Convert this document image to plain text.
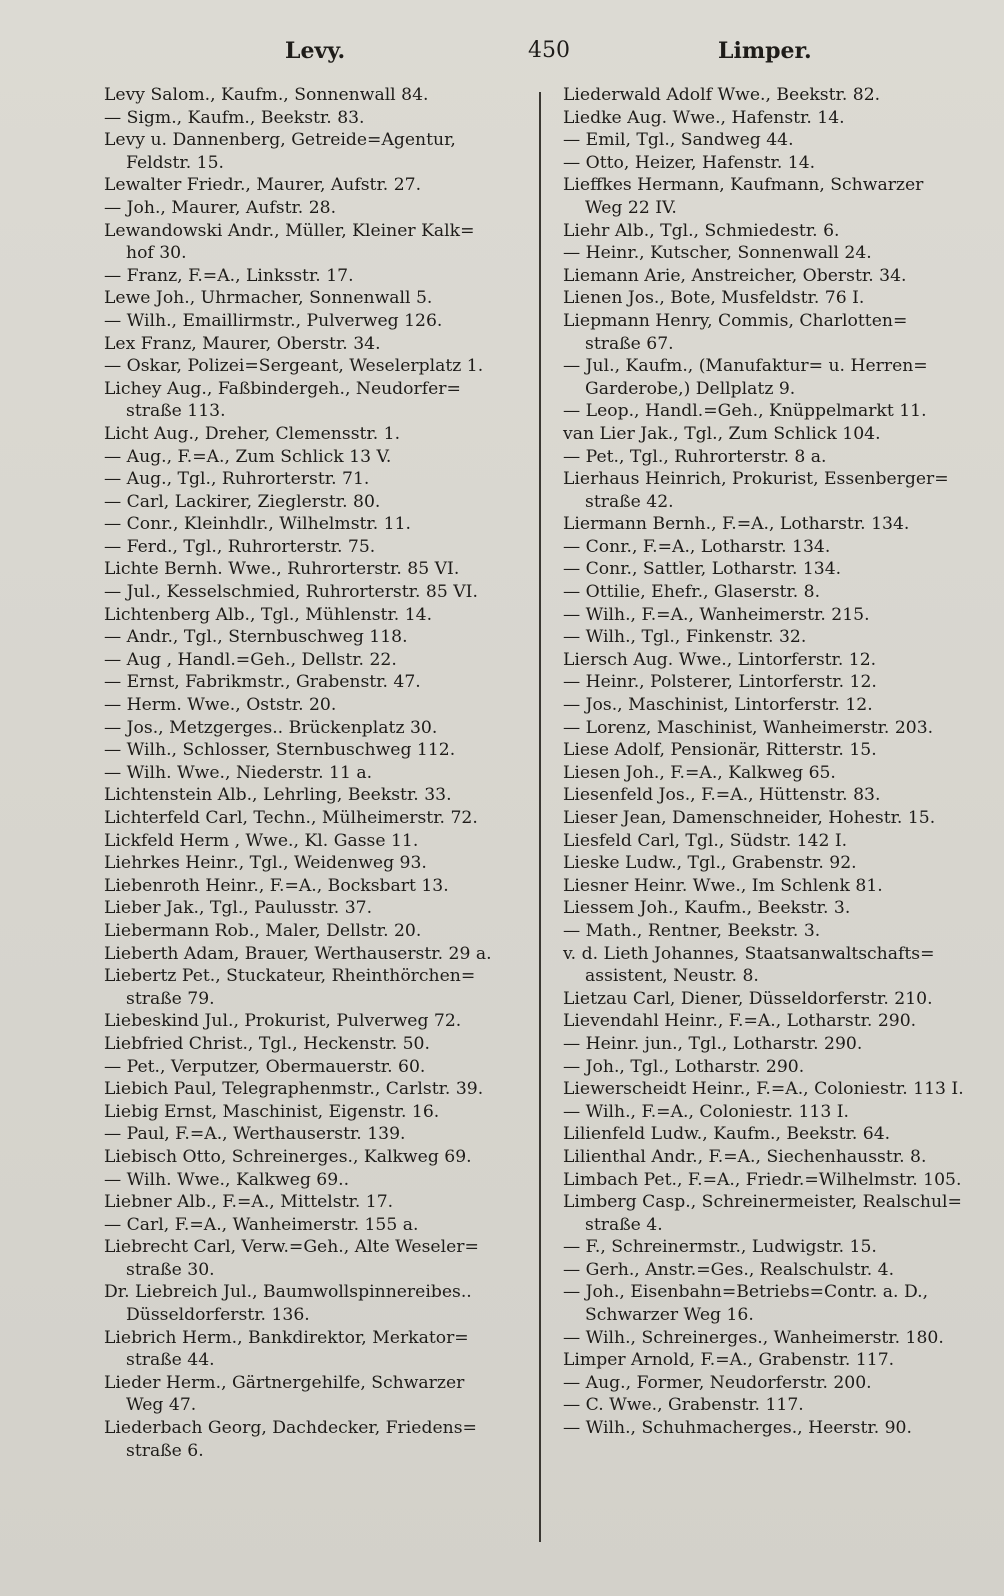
Levy.	450	Limper.

Levy Salom., Kaufm., Sonnenwall 84.

— Sigm., Kaufm., Beekstr. 83.

Levy u. Dannenberg, Getreide=Agentur,

Feldstr. 15.

Lewalter Friedr., Maurer, Aufstr. 27.

— Joh., Maurer, Aufstr. 28.

Lewandowski Andr., Müller, Kleiner Kalk=

hof 30.

— Franz, F.=A., Linksstr. 17.

Lewe Joh., Uhrmacher, Sonnenwall 5.

— Wilh., Emaillirmstr., Pulverweg 126.

Lex Franz, Maurer, Oberstr. 34.

— Oskar, Polizei=Sergeant, Weselerplatz 1.

Lichey Aug., Faßbindergeh., Neudorfer=

straße 113.

Licht Aug., Dreher, Clemensstr. 1.

— Aug., F.=A., Zum Schlick 13 V.

— Aug., Tgl., Ruhrorterstr. 71.

— Carl, Lackirer, Zieglerstr. 80.

— Conr., Kleinhdlr., Wilhelmstr. 11.

— Ferd., Tgl., Ruhrorterstr. 75.

Lichte Bernh. Wwe., Ruhrorterstr. 85 VI.

— Jul., Kesselschmied, Ruhrorterstr. 85 VI.

Lichtenberg Alb., Tgl., Mühlenstr. 14.

— Andr., Tgl., Sternbuschweg 118.

— Aug , Handl.=Geh., Dellstr. 22.

— Ernst, Fabrikmstr., Grabenstr. 47.

— Herm. Wwe., Oststr. 20.

— Jos., Metzgerges.. Brückenplatz 30.

— Wilh., Schlosser, Sternbuschweg 112.

— Wilh. Wwe., Niederstr. 11 a.

Lichtenstein Alb., Lehrling, Beekstr. 33.

Lichterfeld Carl, Techn., Mülheimerstr. 72.

Lickfeld Herm , Wwe., Kl. Gasse 11.

Liehrkes Heinr., Tgl., Weidenweg 93.

Liebenroth Heinr., F.=A., Bocksbart 13.

Lieber Jak., Tgl., Paulusstr. 37.

Liebermann Rob., Maler, Dellstr. 20.

Lieberth Adam, Brauer, Werthauserstr. 29 a.

Liebertz Pet., Stuckateur, Rheinthörchen=

straße 79.

Liebeskind Jul., Prokurist, Pulverweg 72.

Liebfried Christ., Tgl., Heckenstr. 50.

— Pet., Verputzer, Obermauerstr. 60.

Liebich Paul, Telegraphenmstr., Carlstr. 39.

Liebig Ernst, Maschinist, Eigenstr. 16.

— Paul, F.=A., Werthauserstr. 139.

Liebisch Otto, Schreinerges., Kalkweg 69.

— Wilh. Wwe., Kalkweg 69..

Liebner Alb., F.=A., Mittelstr. 17.

— Carl, F.=A., Wanheimerstr. 155 a.

Liebrecht Carl, Verw.=Geh., Alte Weseler=

straße 30.

Dr. Liebreich Jul., Baumwollspinnereibes..

Düsseldorferstr. 136.

Liebrich Herm., Bankdirektor, Merkator=

straße 44.

Lieder Herm., Gärtnergehilfe, Schwarzer

Weg 47.

Liederbach Georg, Dachdecker, Friedens=

straße 6.

Liederwald Adolf Wwe., Beekstr. 82.

Liedke Aug. Wwe., Hafenstr. 14.

— Emil, Tgl., Sandweg 44.

— Otto, Heizer, Hafenstr. 14.

Lieffkes Hermann, Kaufmann, Schwarzer

Weg 22 IV.

Liehr Alb., Tgl., Schmiedestr. 6.

— Heinr., Kutscher, Sonnenwall 24.

Liemann Arie, Anstreicher, Oberstr. 34.

Lienen Jos., Bote, Musfeldstr. 76 I.

Liepmann Henry, Commis, Charlotten=

straße 67.

— Jul., Kaufm., (Manufaktur= u. Herren=

Garderobe,) Dellplatz 9.

— Leop., Handl.=Geh., Knüppelmarkt 11.

van Lier Jak., Tgl., Zum Schlick 104.

— Pet., Tgl., Ruhrorterstr. 8 a.

Lierhaus Heinrich, Prokurist, Essenberger=

straße 42.

Liermann Bernh., F.=A., Lotharstr. 134.

— Conr., F.=A., Lotharstr. 134.

— Conr., Sattler, Lotharstr. 134.

— Ottilie, Ehefr., Glaserstr. 8.

— Wilh., F.=A., Wanheimerstr. 215.

— Wilh., Tgl., Finkenstr. 32.

Liersch Aug. Wwe., Lintorferstr. 12.

— Heinr., Polsterer, Lintorferstr. 12.

— Jos., Maschinist, Lintorferstr. 12.

— Lorenz, Maschinist, Wanheimerstr. 203.

Liese Adolf, Pensionär, Ritterstr. 15.

Liesen Joh., F.=A., Kalkweg 65.

Liesenfeld Jos., F.=A., Hüttenstr. 83.

Lieser Jean, Damenschneider, Hohestr. 15.

Liesfeld Carl, Tgl., Südstr. 142 I.

Lieske Ludw., Tgl., Grabenstr. 92.

Liesner Heinr. Wwe., Im Schlenk 81.

Liessem Joh., Kaufm., Beekstr. 3.

— Math., Rentner, Beekstr. 3.

v. d. Lieth Johannes, Staatsanwaltschafts=

assistent, Neustr. 8.

Lietzau Carl, Diener, Düsseldorferstr. 210.

Lievendahl Heinr., F.=A., Lotharstr. 290.

— Heinr. jun., Tgl., Lotharstr. 290.

— Joh., Tgl., Lotharstr. 290.

Liewerscheidt Heinr., F.=A., Coloniestr. 113 I.

— Wilh., F.=A., Coloniestr. 113 I.

Lilienfeld Ludw., Kaufm., Beekstr. 64.

Lilienthal Andr., F.=A., Siechenhausstr. 8.

Limbach Pet., F.=A., Friedr.=Wilhelmstr. 105.

Limberg Casp., Schreinermeister, Realschul=

straße 4.

— F., Schreinermstr., Ludwigstr. 15.

— Gerh., Anstr.=Ges., Realschulstr. 4.

— Joh., Eisenbahn=Betriebs=Contr. a. D.,

Schwarzer Weg 16.

— Wilh., Schreinerges., Wanheimerstr. 180.

Limper Arnold, F.=A., Grabenstr. 117.

— Aug., Former, Neudorferstr. 200.

— C. Wwe., Grabenstr. 117.

— Wilh., Schuhmacherges., Heerstr. 90.
